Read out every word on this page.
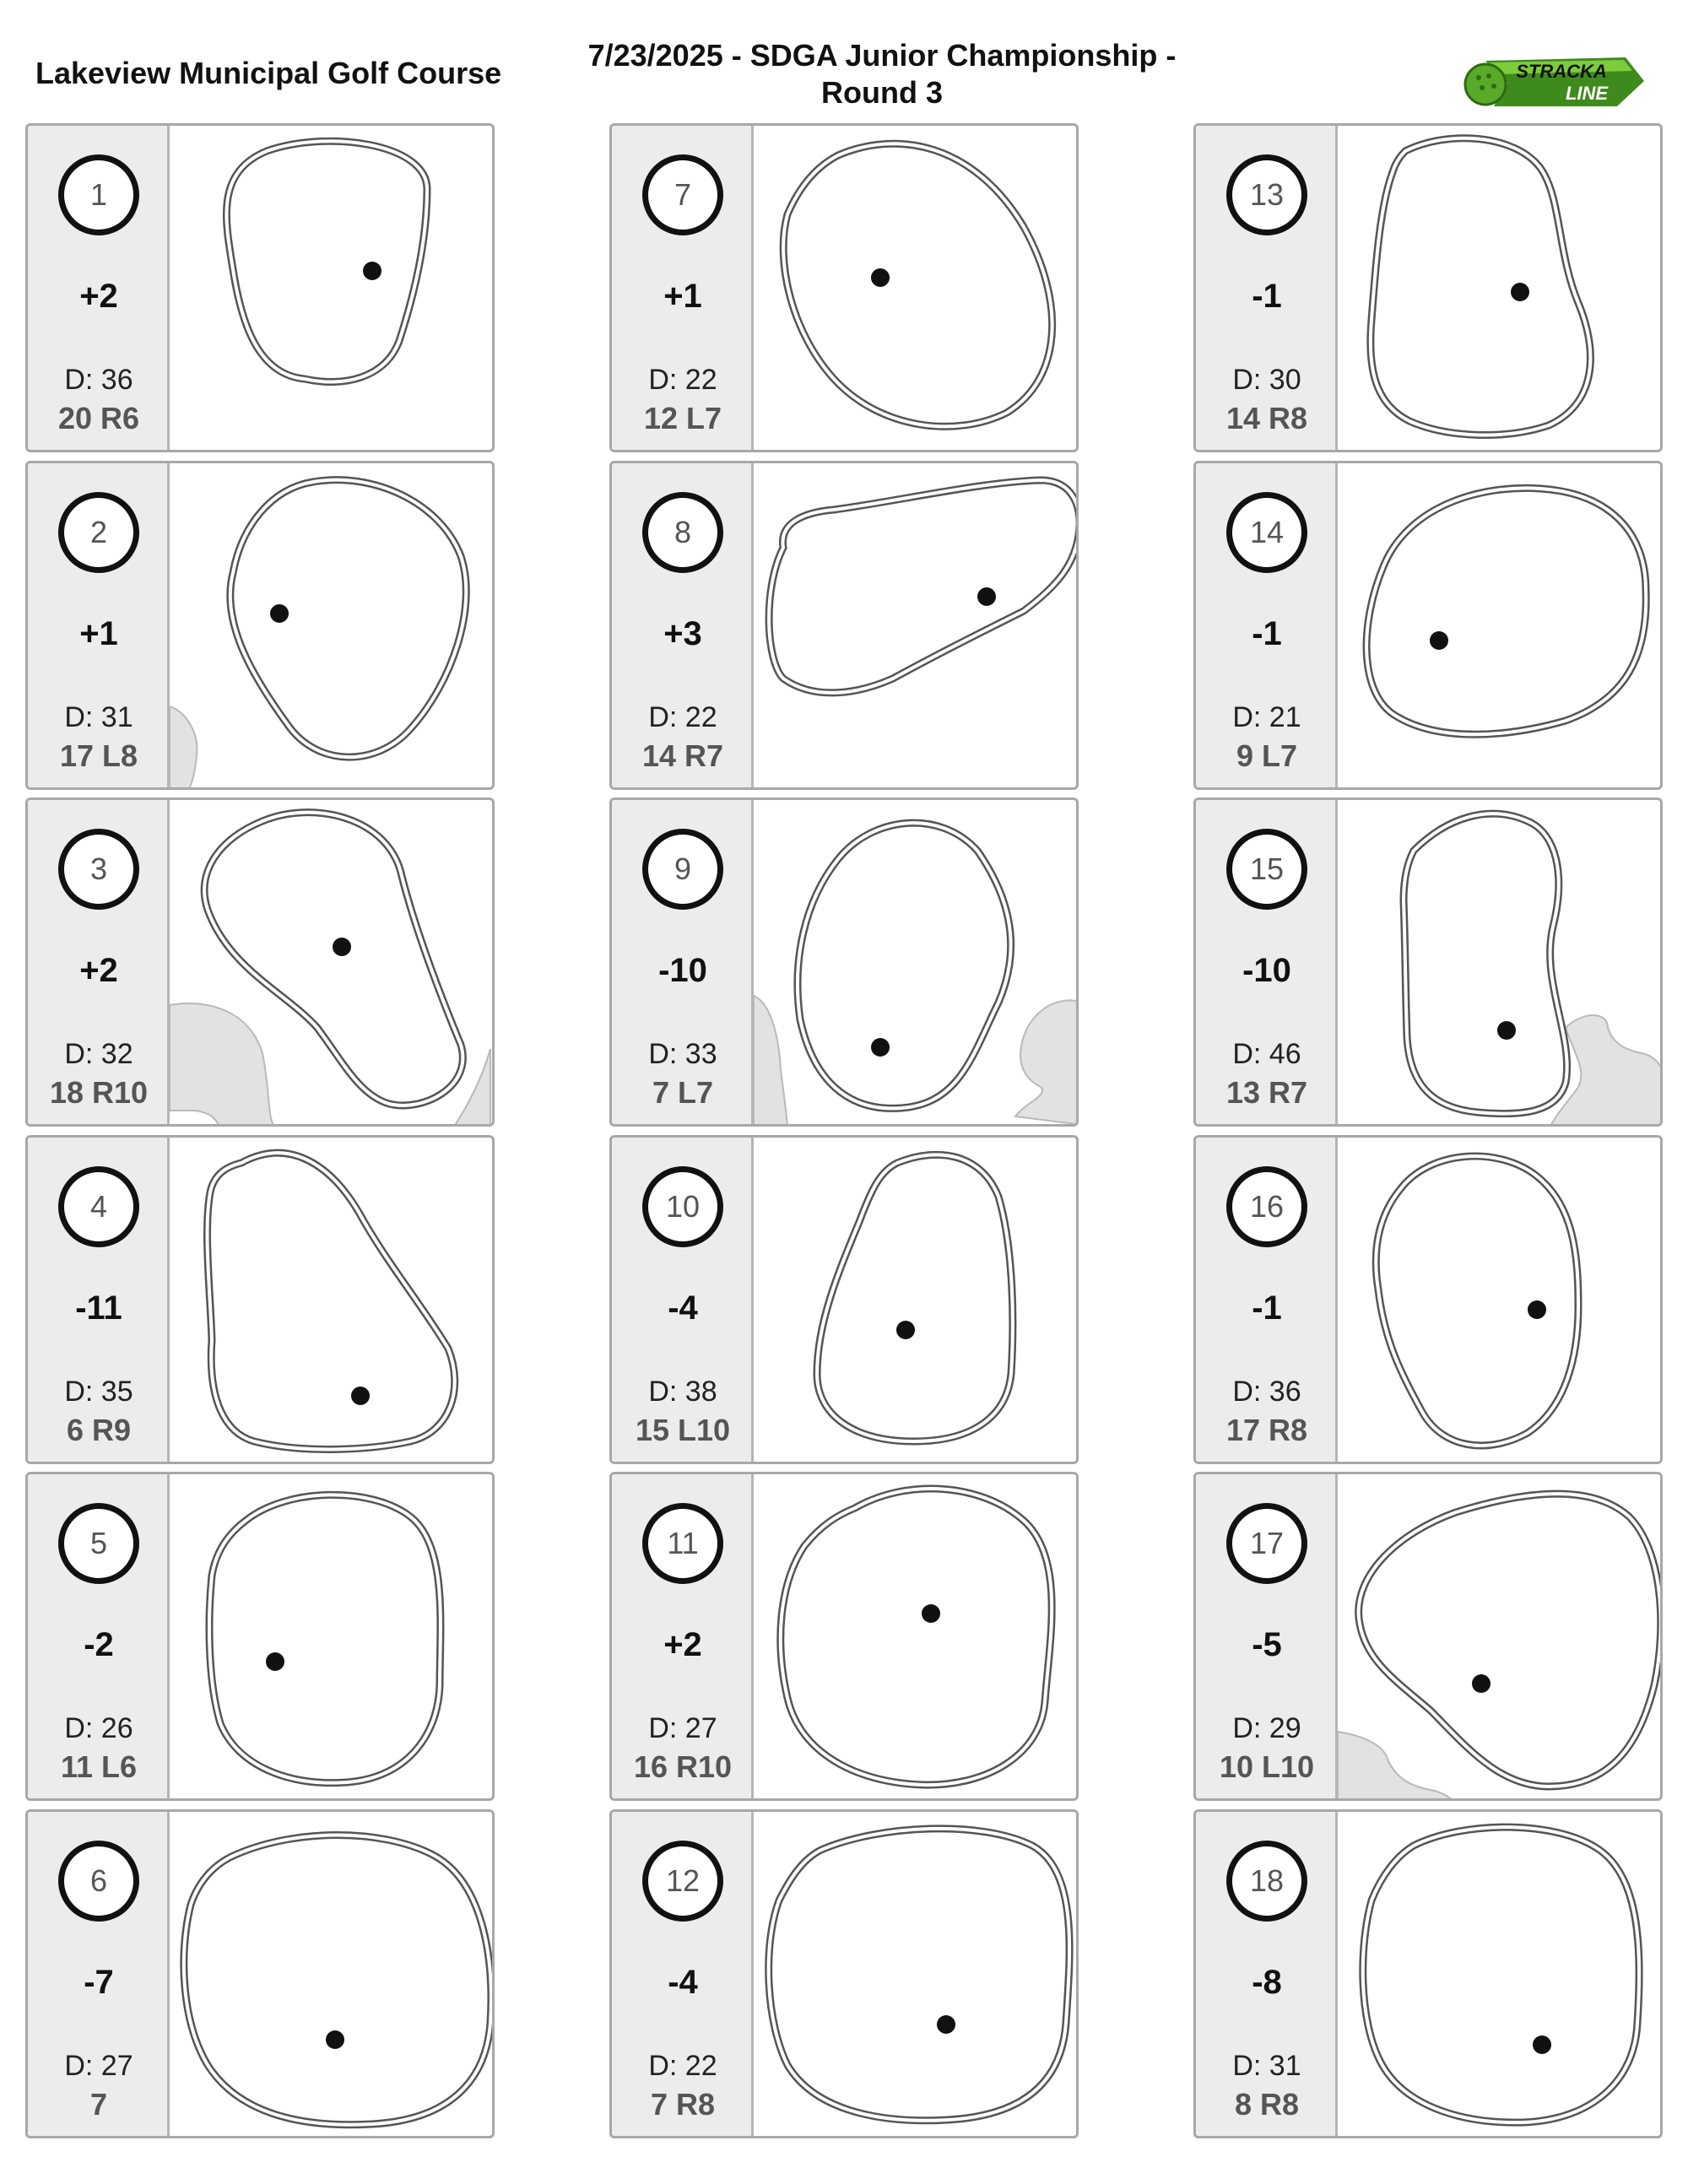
Lakeview Municipal Golf Course
7/23/2025 - SDGA Junior Championship -
Round 3
STRACKA
LINE
1
+2
D: 36
20 R6
2
+1
D: 31
17 L8
3
+2
D: 32
18 R10
4
-11
D: 35
6 R9
5
-2
D: 26
11 L6
6
-7
D: 27
7
7
+1
D: 22
12 L7
8
+3
D: 22
14 R7
9
-10
D: 33
7 L7
10
-4
D: 38
15 L10
11
+2
D: 27
16 R10
12
-4
D: 22
7 R8
13
-1
D: 30
14 R8
14
-1
D: 21
9 L7
15
-10
D: 46
13 R7
16
-1
D: 36
17 R8
17
-5
D: 29
10 L10
18
-8
D: 31
8 R8
